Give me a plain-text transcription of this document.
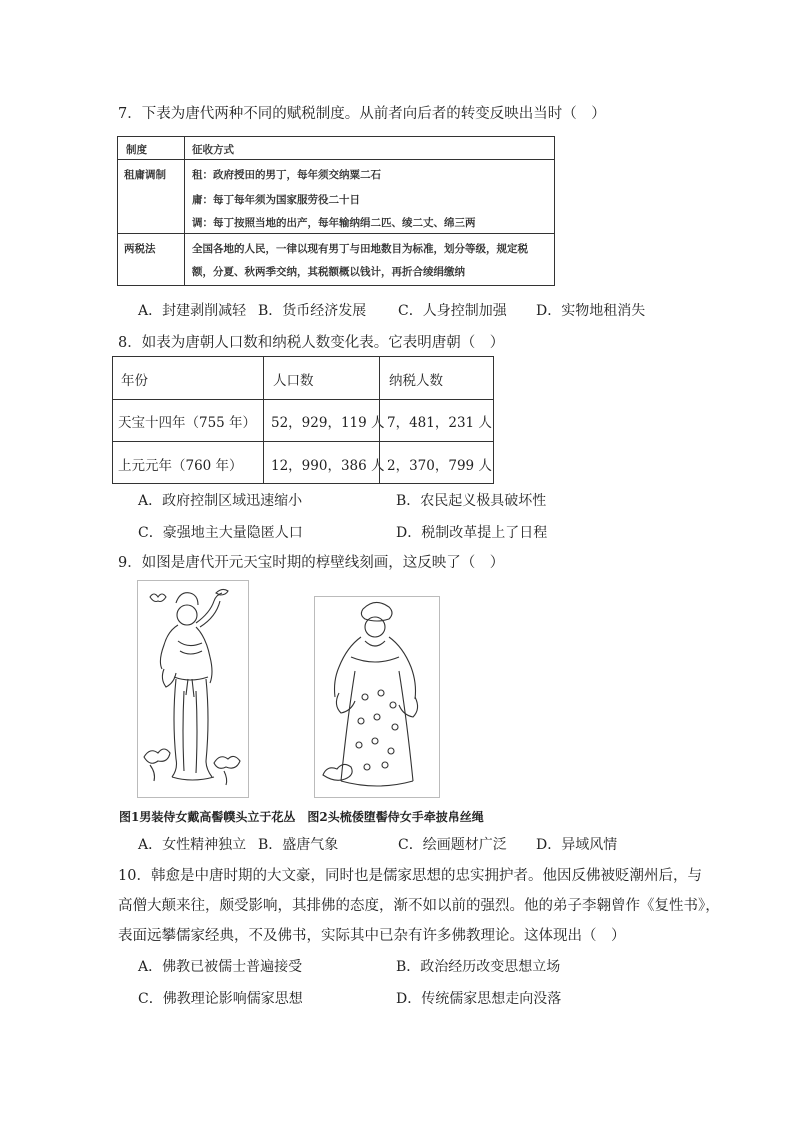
7．下表为唐代两种不同的赋税制度。从前者向后者的转变反映出当时（　）
制度	征收方式
租庸调制 租：政府授田的男丁，每年须交纳粟二石
庸：每丁每年须为国家服劳役二十日
调：每丁按照当地的出产，每年输纳绢二匹、绫二丈、绵三两
两税法	全国各地的人民，一律以现有男丁与田地数目为标准，划分等级，规定税
额，分夏、秋两季交纳，其税额概以钱计，再折合绫绢缴纳
A．封建剥削减轻 B．货币经济发展 C．人身控制加强 D．实物地租消失
8．如表为唐朝人口数和纳税人数变化表。它表明唐朝（　）
年份	人口数	纳税人数
天宝十四年（755 年） 52，929，119 人 7，481，231 人
上元元年（760 年） 12，990，386 人 2，370，799 人
A．政府控制区域迅速缩小	B．农民起义极具破坏性
C．豪强地主大量隐匿人口	D．税制改革提上了日程
9．如图是唐代开元天宝时期的椁壁线刻画，这反映了（　）
图1男装侍女戴高髻幞头立于花丛　图2头梳倭堕髻侍女手牵披帛丝绳
A．女性精神独立 B．盛唐气象	C．绘画题材广泛 D．异域风情
10．韩愈是中唐时期的大文豪，同时也是儒家思想的忠实拥护者。他因反佛被贬潮州后，与
高僧大颠来往，颇受影响，其排佛的态度，渐不如以前的强烈。他的弟子李翱曾作《复性书》，
表面远攀儒家经典，不及佛书，实际其中已杂有许多佛教理论。这体现出（　）
A．佛教已被儒士普遍接受	B．政治经历改变思想立场
C．佛教理论影响儒家思想	D．传统儒家思想走向没落
